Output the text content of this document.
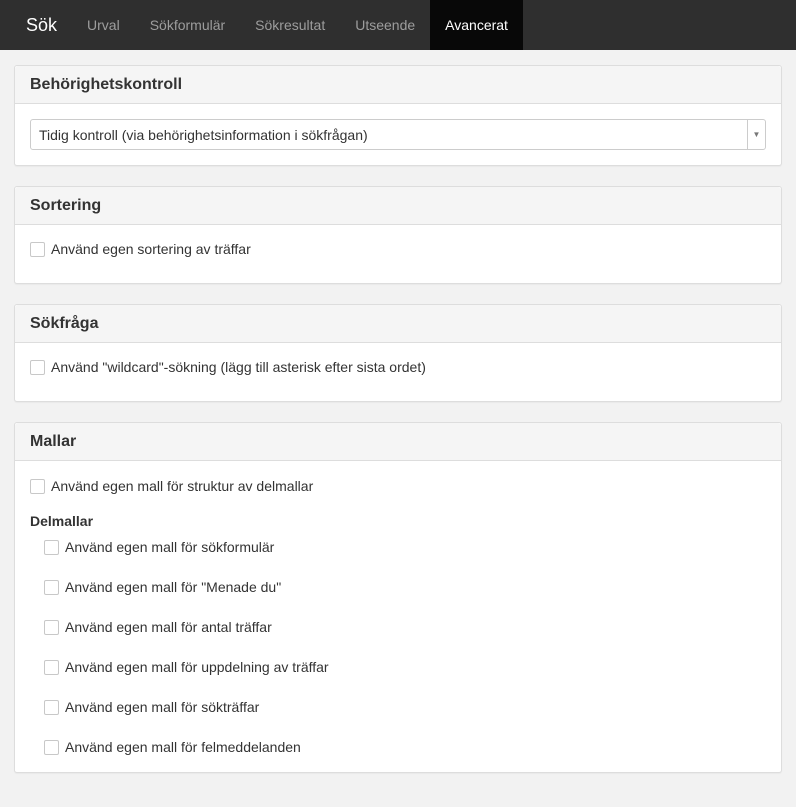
Sök	Urval	Sökformulär	Sökresultat	Utseende	Avancerat
Behörighetskontroll
Tidig kontroll (via behörighetsinformation i sökfrågan)	▼
Sortering
Använd egen sortering av träffar
Sökfråga
Använd "wildcard"-sökning (lägg till asterisk efter sista ordet)
Mallar
Använd egen mall för struktur av delmallar
Delmallar
Använd egen mall för sökformulär
Använd egen mall för "Menade du"
Använd egen mall för antal träffar
Använd egen mall för uppdelning av träffar
Använd egen mall för sökträffar
Använd egen mall för felmeddelanden
